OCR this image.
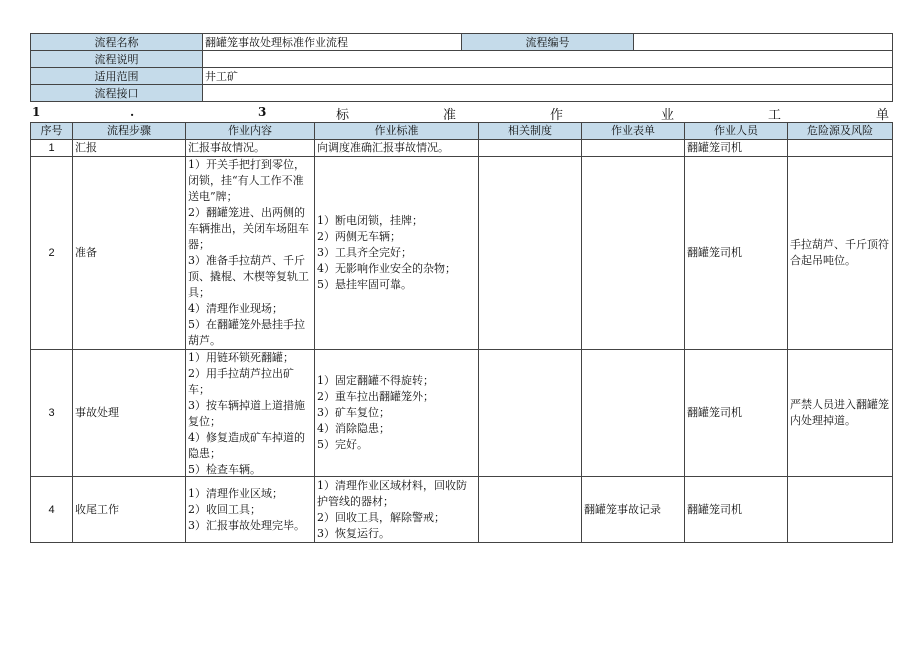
流程名称	翻罐笼事故处理标准作业流程	流程编号	
流程说明			
适用范围	井工矿		
流程接口			
1	.	3	标	准	作	业	工	单
序号	流程步骤	作业内容	作业标准	相关制度	作业表单	作业人员	危险源及风险
1	汇报	汇报事故情况。	向调度准确汇报事故情况。			翻罐笼司机	
2	准备	1）开关手把打到零位，闭锁，挂“有人工作不准送电”牌；
2）翻罐笼进、出两侧的车辆推出，关闭车场阻车器；
3）准备手拉葫芦、千斤顶、撬棍、木楔等复轨工具；
4）清理作业现场；
5）在翻罐笼外悬挂手拉葫芦。	1）断电闭锁，挂牌；
2）两侧无车辆；
3）工具齐全完好；
4）无影响作业安全的杂物；
5）悬挂牢固可靠。			翻罐笼司机	手拉葫芦、千斤顶符合起吊吨位。

3	事故处理	1）用链环锁死翻罐；
2）用手拉葫芦拉出矿车；
3）按车辆掉道上道措施复位；
4）修复造成矿车掉道的隐患；
5）检查车辆。	1）固定翻罐不得旋转；
2）重车拉出翻罐笼外；
3）矿车复位；
4）消除隐患；
5）完好。			翻罐笼司机	严禁人员进入翻罐笼内处理掉道。

4	收尾工作	1）清理作业区域；
2）收回工具；
3）汇报事故处理完毕。	1）清理作业区域材料，回收防护管线的器材；
2）回收工具，解除警戒；
3）恢复运行。		翻罐笼事故记录	翻罐笼司机	
